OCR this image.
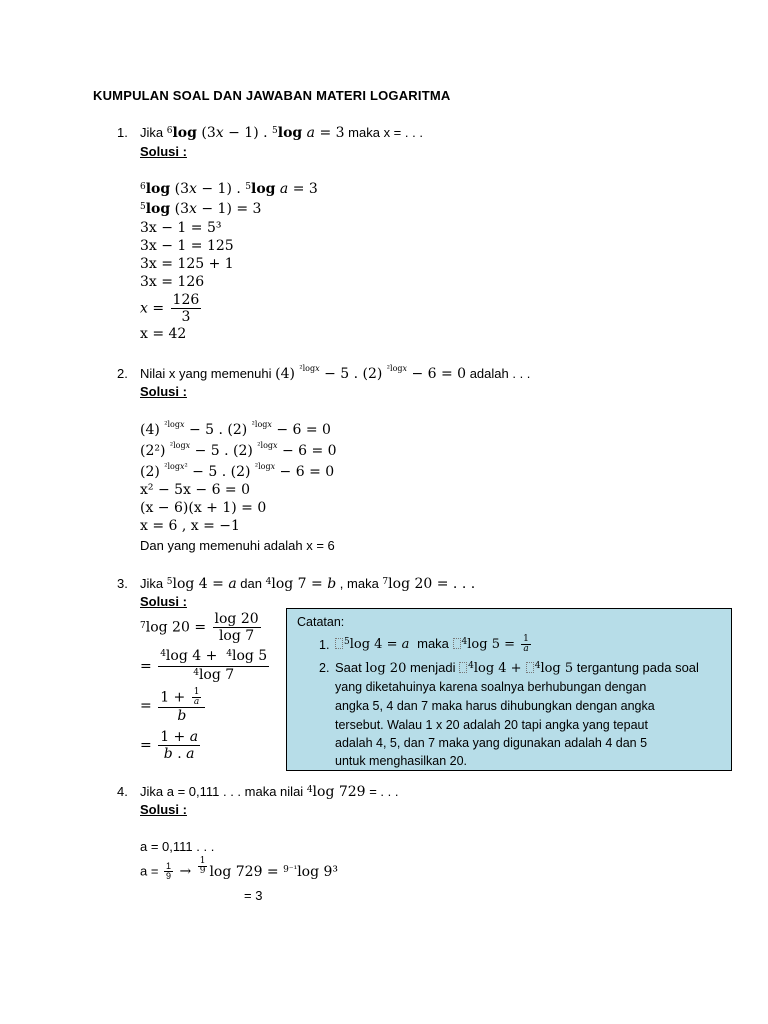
KUMPULAN SOAL DAN JAWABAN MATERI LOGARITMA
1. Jika $^6$log (3x − 1) . $^5$log a = 3 maka x = . . .
Solusi :
$^6$log (3x − 1) . $^5$log a = 3
$^5$log (3x − 1) = 3
3x − 1 = 5³
3x − 1 = 125
3x = 125 + 1
3x = 126
$x = \frac{126}{3}$
x = 42
2. Nilai x yang memenuhi (4) $^{^2logx}$ − 5 . (2) $^{^2logx}$ − 6 = 0 adalah . . .
Solusi :
(4) $^{^2logx}$ − 5 . (2) $^{^2logx}$ − 6 = 0
(2²) $^{^2logx}$ − 5 . (2) $^{^2logx}$ − 6 = 0
(2) $^{^2logx^2}$ − 5 . (2) $^{^2logx}$ − 6 = 0
x² − 5x − 6 = 0
(x − 6)(x + 1) = 0
x = 6 , x = −1
Dan yang memenuhi adalah x = 6
3. Jika $^5$log 4 = a dan $^4$log 7 = b , maka $^7$log 20 = . . .
Solusi :
$^7$log $20 = \frac{\log 20}{\log 7}$
= $\frac{^4\log 4 + ^4\log 5}{^4\log 7}$
= $\frac{1 + \frac{1}{a}}{b}$
= $\frac{1 + a}{b . a}$
Catatan:
1.	$^5$log 4 = a  maka $^4$log $5 = \frac{1}{a}$
2. Saat log 20 menjadi $^4$log 4 + $^4$log 5 tergantung pada soal
yang diketahuinya karena soalnya berhubungan dengan
angka 5, 4 dan 7 maka harus dihubungkan dengan angka
tersebut. Walau 1 x 20 adalah 20 tapi angka yang tepaut
adalah 4, 5, dan 7 maka yang digunakan adalah 4 dan 5
untuk menghasilkan 20.
4. Jika a = 0,111 . . . maka nilai $^4$log 729 = . . .
Solusi :
a = 0,111 . . .
$a = \frac{1}{9} \to ^{\frac{1}{9}}$ log 729 = $^{9^{-1}}$log 9³
= 3
